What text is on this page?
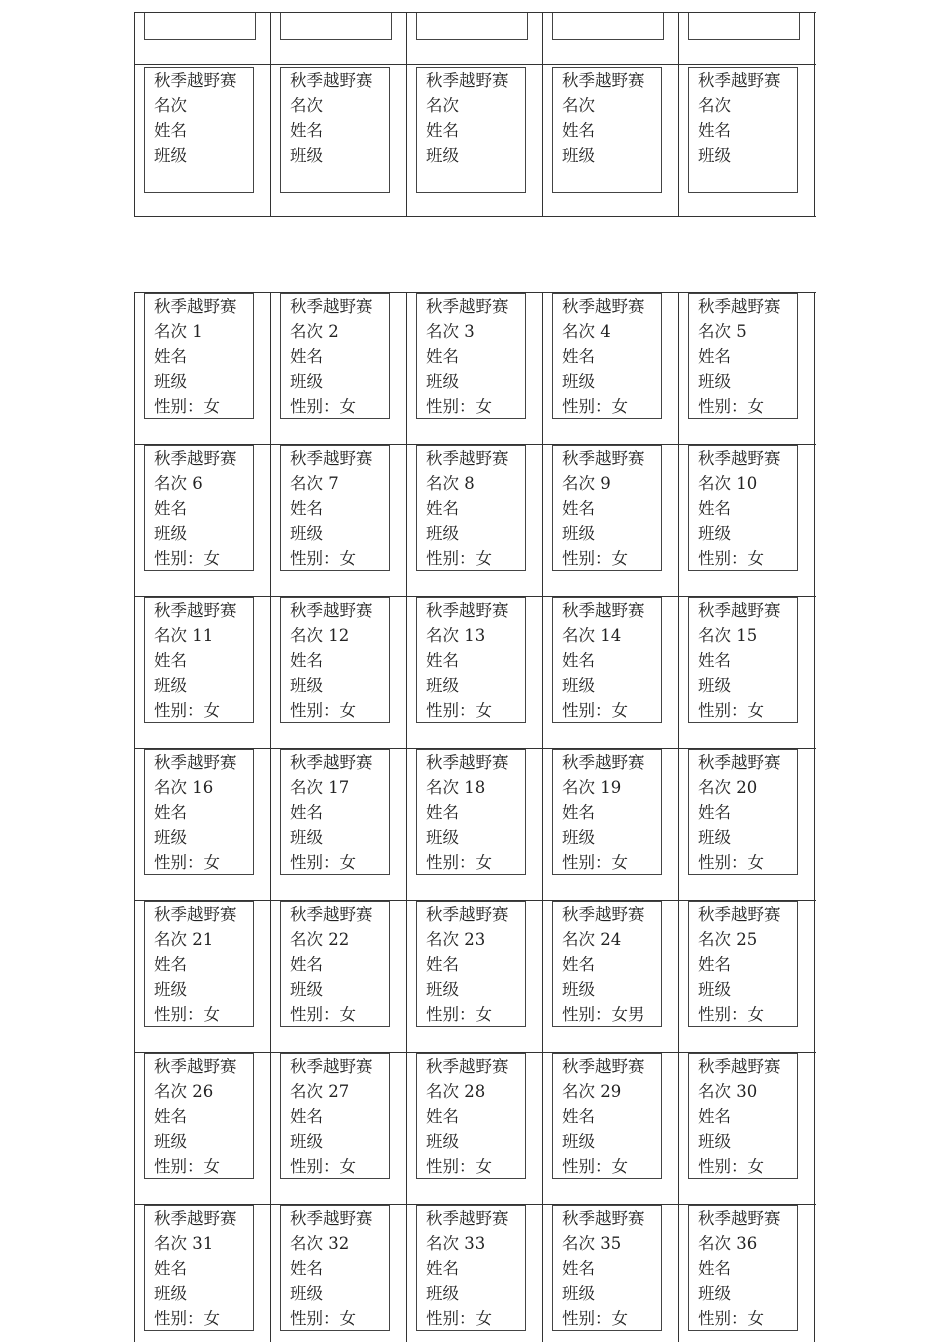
秋季越野赛
名次
姓名
班级
秋季越野赛
名次
姓名
班级
秋季越野赛
名次
姓名
班级
秋季越野赛
名次
姓名
班级
秋季越野赛
名次
姓名
班级
秋季越野赛
名次 1
姓名
班级
性别：女
秋季越野赛
名次 2
姓名
班级
性别：女
秋季越野赛
名次 3
姓名
班级
性别：女
秋季越野赛
名次 4
姓名
班级
性别：女
秋季越野赛
名次 5
姓名
班级
性别：女
秋季越野赛
名次 6
姓名
班级
性别：女
秋季越野赛
名次 7
姓名
班级
性别：女
秋季越野赛
名次 8
姓名
班级
性别：女
秋季越野赛
名次 9
姓名
班级
性别：女
秋季越野赛
名次 10
姓名
班级
性别：女
秋季越野赛
名次 11
姓名
班级
性别：女
秋季越野赛
名次 12
姓名
班级
性别：女
秋季越野赛
名次 13
姓名
班级
性别：女
秋季越野赛
名次 14
姓名
班级
性别：女
秋季越野赛
名次 15
姓名
班级
性别：女
秋季越野赛
名次 16
姓名
班级
性别：女
秋季越野赛
名次 17
姓名
班级
性别：女
秋季越野赛
名次 18
姓名
班级
性别：女
秋季越野赛
名次 19
姓名
班级
性别：女
秋季越野赛
名次 20
姓名
班级
性别：女
秋季越野赛
名次 21
姓名
班级
性别：女
秋季越野赛
名次 22
姓名
班级
性别：女
秋季越野赛
名次 23
姓名
班级
性别：女
秋季越野赛
名次 24
姓名
班级
性别：女男
秋季越野赛
名次 25
姓名
班级
性别：女
秋季越野赛
名次 26
姓名
班级
性别：女
秋季越野赛
名次 27
姓名
班级
性别：女
秋季越野赛
名次 28
姓名
班级
性别：女
秋季越野赛
名次 29
姓名
班级
性别：女
秋季越野赛
名次 30
姓名
班级
性别：女
秋季越野赛
名次 31
姓名
班级
性别：女
秋季越野赛
名次 32
姓名
班级
性别：女
秋季越野赛
名次 33
姓名
班级
性别：女
秋季越野赛
名次 35
姓名
班级
性别：女
秋季越野赛
名次 36
姓名
班级
性别：女
